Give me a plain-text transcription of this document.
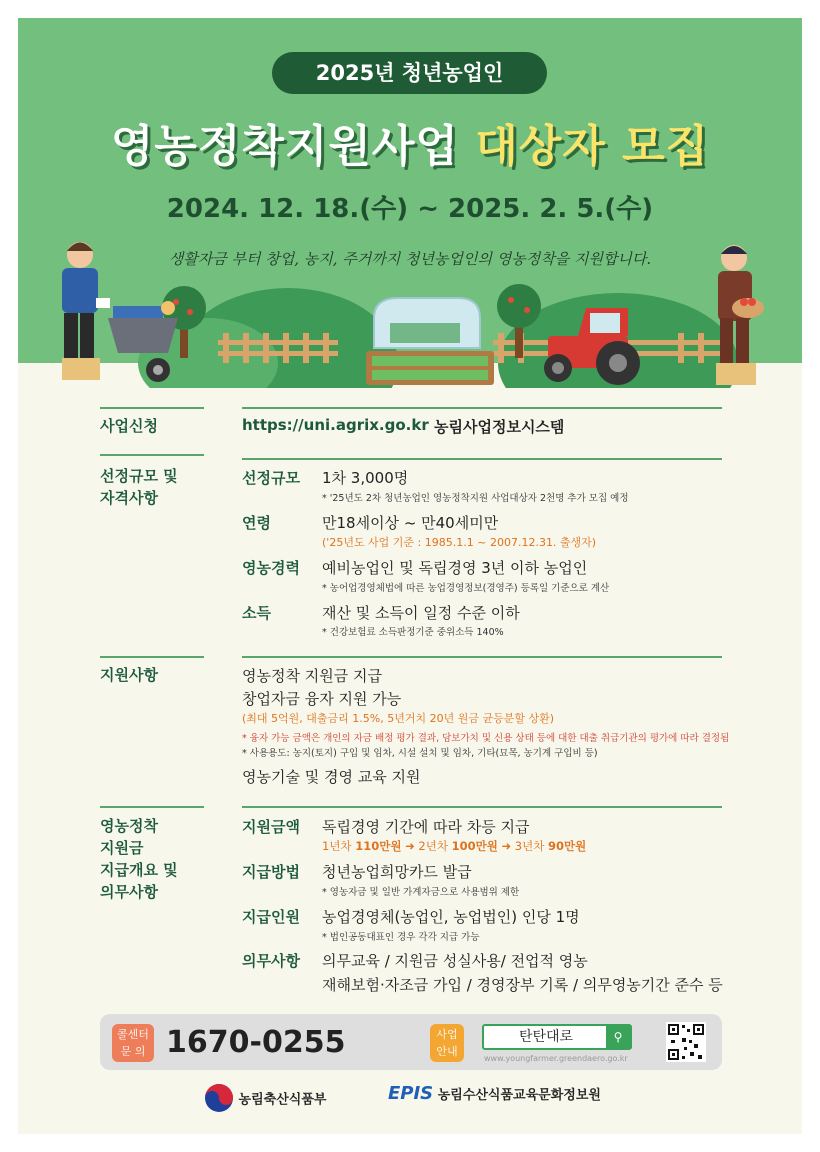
2025년 청년농업인
영농정착지원사업 대상자 모집
2024. 12. 18.(수) ~ 2025. 2. 5.(수)
생활자금 부터 창업, 농지, 주거까지 청년농업인의 영농정착을 지원합니다.
사업신청	https://uni.agrix.go.kr 농림사업정보시스템
선정규모 및
자격사항
선정규모 1차 3,000명
* '25년도 2차 청년농업인 영농정착지원 사업대상자 2천명 추가 모집 예정
연령	만18세이상 ~ 만40세미만
('25년도 사업 기준 : 1985.1.1 ~ 2007.12.31. 출생자)
영농경력 예비농업인 및 독립경영 3년 이하 농업인
* 농어업경영체법에 따른 농업경영정보(경영주) 등록일 기준으로 계산
소득	재산 및 소득이 일정 수준 이하
* 건강보험료 소득판정기준 중위소득 140%
지원사항	영농정착 지원금 지급
창업자금 융자 지원 가능
(최대 5억원, 대출금리 1.5%, 5년거치 20년 원금 균등분할 상환)
* 융자 가능 금액은 개인의 자금 배정 평가 결과, 담보가치 및 신용 상태 등에 대한 대출 취급기관의 평가에 따라 결정됨
* 사용용도: 농지(토지) 구입 및 임차, 시설 설치 및 임차, 기타(묘목, 농기계 구입비 등)
영농기술 및 경영 교육 지원
영농정착
지원금
지급개요 및
의무사항
지원금액 독립경영 기간에 따라 차등 지급
1년차 110만원 ➜ 2년차 100만원 ➜ 3년차 90만원
지급방법 청년농업희망카드 발급
* 영농자금 및 일반 가계자금으로 사용범위 제한
지급인원 농업경영체(농업인, 농업법인) 인당 1명
* 법인공동대표인 경우 각각 지급 가능
의무사항 의무교육 / 지원금 성실사용/ 전업적 영농
재해보험·자조금 가입 / 경영장부 기록 / 의무영농기간 준수 등
콜센터
문 의 1670-0255	사업
안내
탄탄대로	⚲
www.youngfarmer.greendaero.go.kr
농림축산식품부	EPIS 농림수산식품교육문화정보원
